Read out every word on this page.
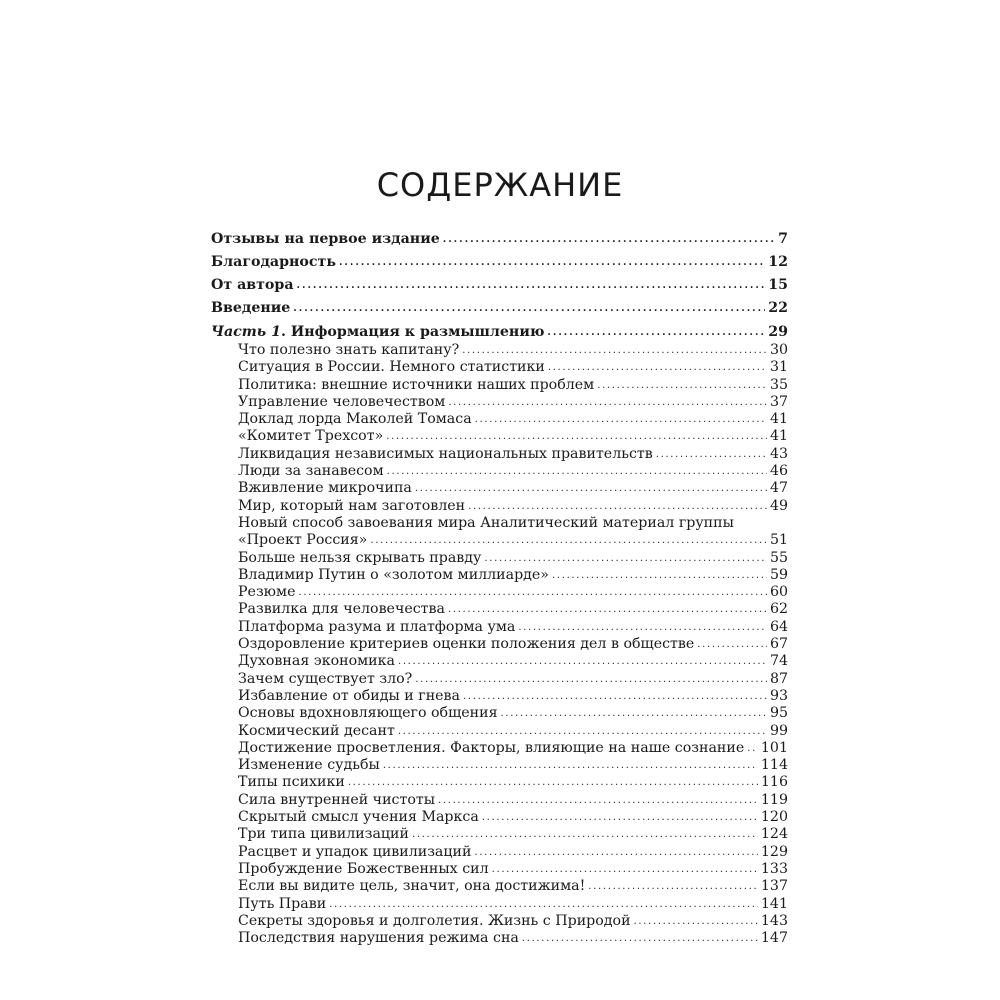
СОДЕРЖАНИЕ
Отзывы на первое издание . . .	7
Благодарность . . .	12
От автора . . .	15
Введение . . .	22
Часть 1. Информация к размышлению . . .	29
Что полезно знать капитану? . . .	30
Ситуация в России. Немного статистики . . .	31
Политика: внешние источники наших проблем . . .	35
Управление человечеством . . .	37
Доклад лорда Маколей Томаса . . .	41
«Комитет Трехсот» . . .	41
Ликвидация независимых национальных правительств . . .	43
Люди за занавесом . . .	46
Вживление микрочипа . . .	47
Мир, который нам заготовлен . . .	49
Новый способ завоевания мира Аналитический материал группы
«Проект Россия» . . .	51
Больше нельзя скрывать правду . . .	55
Владимир Путин о «золотом миллиарде» . . .	59
Резюме . . .	60
Развилка для человечества . . .	62
Платформа разума и платформа ума . . .	64
Оздоровление критериев оценки положения дел в обществе . . .	67
Духовная экономика . . .	74
Зачем существует зло? . . .	87
Избавление от обиды и гнева . . .	93
Основы вдохновляющего общения . . .	95
Космический десант . . .	99
Достижение просветления. Факторы, влияющие на наше сознание . . . 101
Изменение судьбы . . .	114
Типы психики . . .	116
Сила внутренней чистоты . . .	119
Скрытый смысл учения Маркса . . .	120
Три типа цивилизаций . . .	124
Расцвет и упадок цивилизаций . . .	129
Пробуждение Божественных сил . . .	133
Если вы видите цель, значит, она достижима! . . .	137
Путь Прави . . .	141
Секреты здоровья и долголетия. Жизнь с Природой . . .	143
Последствия нарушения режима сна . . .	147
